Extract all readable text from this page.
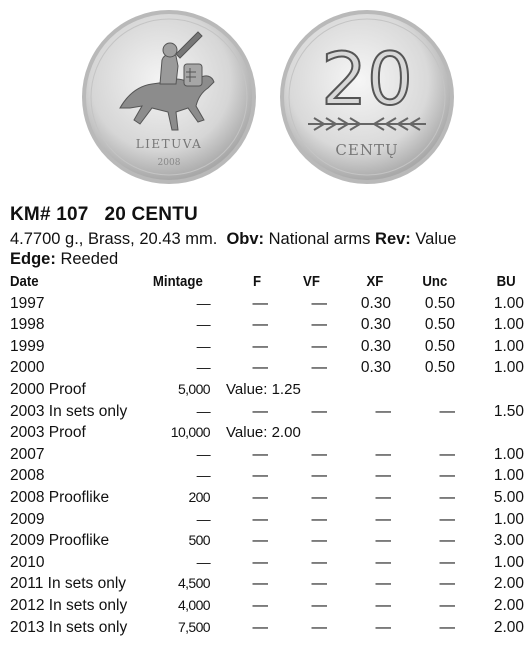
LIETUVA
2008
20
CENTŲ
KM# 107 20 CENTU
4.7700 g., Brass, 20.43 mm. Obv: National arms Rev: Value
Edge: Reeded
Date	Mintage	F	VF	XF	Unc	BU
1997	—	—	—	0.30	0.50	1.00
1998	—	—	—	0.30	0.50	1.00
1999	—	—	—	0.30	0.50	1.00
2000	—	—	—	0.30	0.50	1.00
2000 Proof	5,000	Value: 1.25				
2003 In sets only	—	—	—	—	—	1.50
2003 Proof	10,000	Value: 2.00				
2007	—	—	—	—	—	1.00
2008	—	—	—	—	—	1.00
2008 Prooflike	200	—	—	—	—	5.00
2009	—	—	—	—	—	1.00
2009 Prooflike	500	—	—	—	—	3.00
2010	—	—	—	—	—	1.00
2011 In sets only	4,500	—	—	—	—	2.00
2012 In sets only	4,000	—	—	—	—	2.00
2013 In sets only	7,500	—	—	—	—	2.00
